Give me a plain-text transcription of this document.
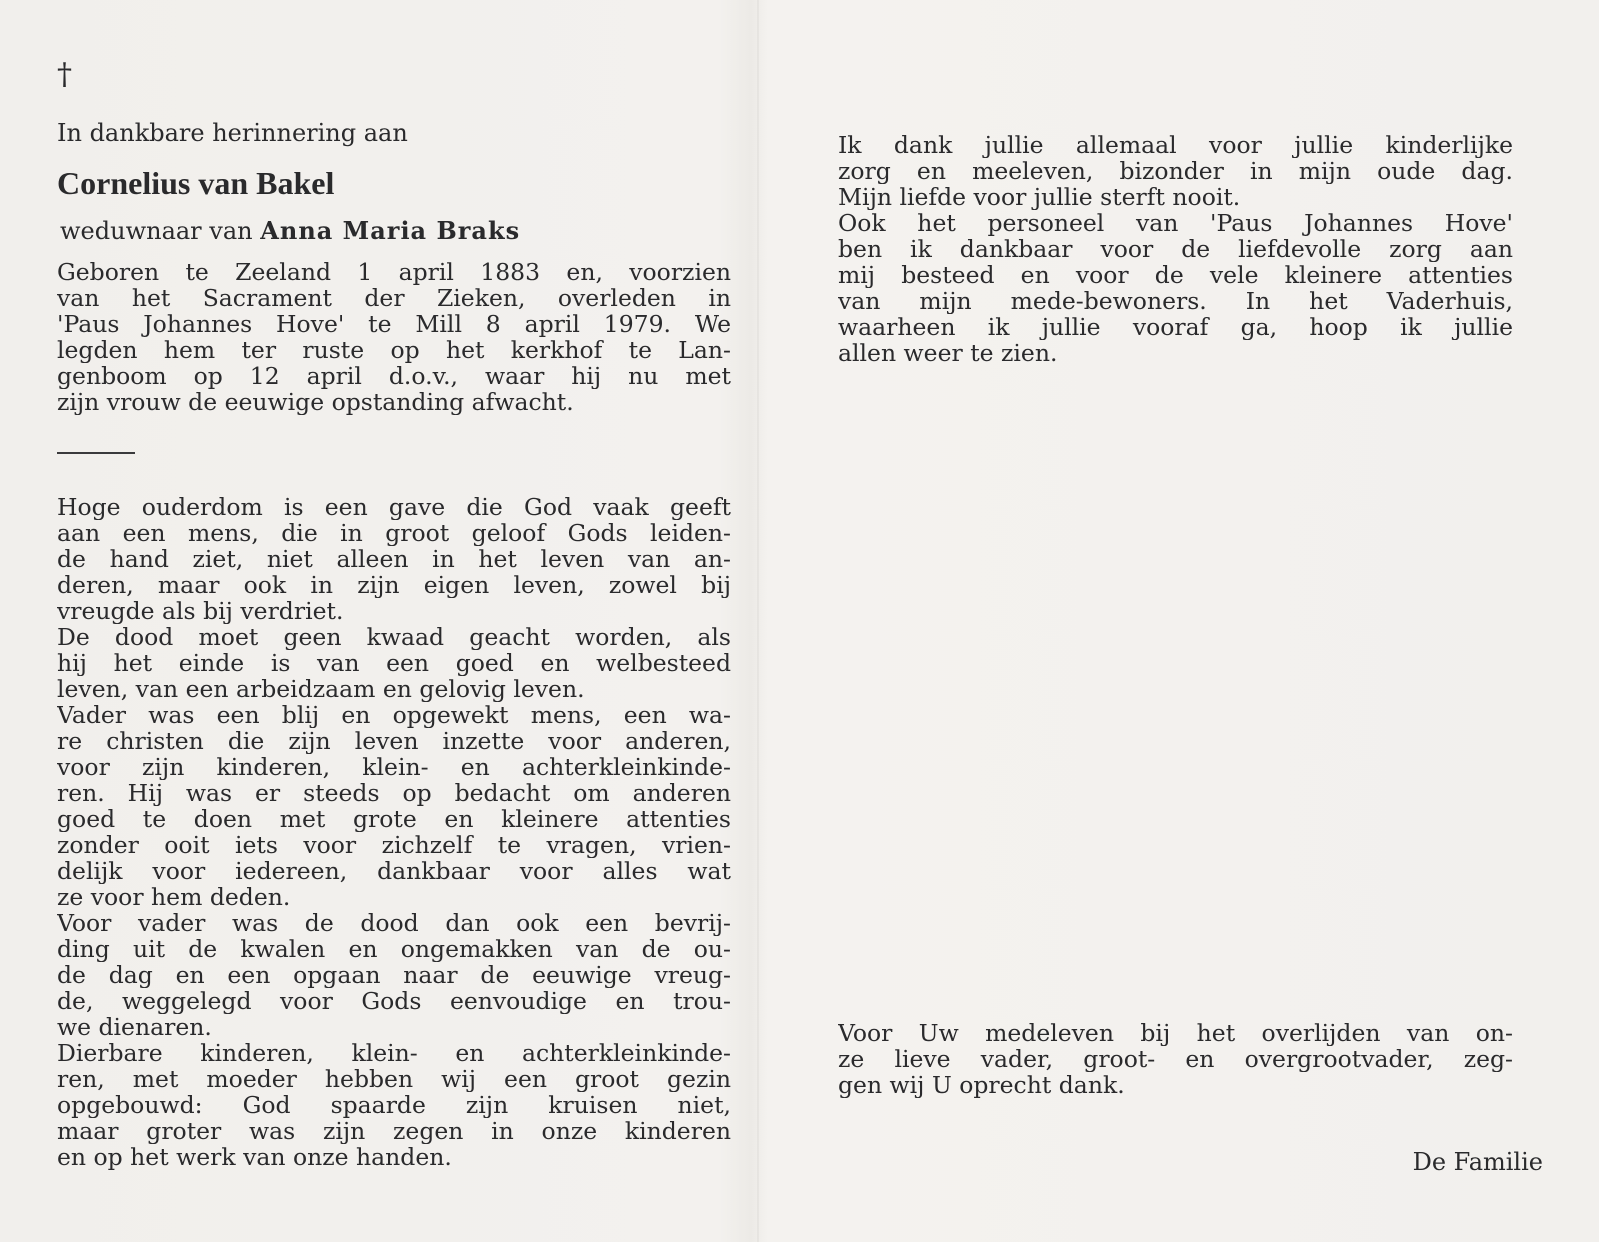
†
In dankbare herinnering aan
Cornelius van Bakel
weduwnaar van Anna Maria Braks
Geboren te Zeeland 1 april 1883 en, voorzien
van het Sacrament der Zieken, overleden in
'Paus Johannes Hove' te Mill 8 april 1979. We
legden hem ter ruste op het kerkhof te Lan-
genboom op 12 april d.o.v., waar hij nu met
zijn vrouw de eeuwige opstanding afwacht.
Hoge ouderdom is een gave die God vaak geeft
aan een mens, die in groot geloof Gods leiden-
de hand ziet, niet alleen in het leven van an-
deren, maar ook in zijn eigen leven, zowel bij
vreugde als bij verdriet.
De dood moet geen kwaad geacht worden, als
hij het einde is van een goed en welbesteed
leven, van een arbeidzaam en gelovig leven.
Vader was een blij en opgewekt mens, een wa-
re christen die zijn leven inzette voor anderen,
voor zijn kinderen, klein- en achterkleinkinde-
ren. Hij was er steeds op bedacht om anderen
goed te doen met grote en kleinere attenties
zonder ooit iets voor zichzelf te vragen, vrien-
delijk voor iedereen, dankbaar voor alles wat
ze voor hem deden.
Voor vader was de dood dan ook een bevrij-
ding uit de kwalen en ongemakken van de ou-
de dag en een opgaan naar de eeuwige vreug-
de, weggelegd voor Gods eenvoudige en trou-
we dienaren.
Dierbare kinderen, klein- en achterkleinkinde-
ren, met moeder hebben wij een groot gezin
opgebouwd: God spaarde zijn kruisen niet,
maar groter was zijn zegen in onze kinderen
en op het werk van onze handen.
Ik dank jullie allemaal voor jullie kinderlijke
zorg en meeleven, bizonder in mijn oude dag.
Mijn liefde voor jullie sterft nooit.
Ook het personeel van 'Paus Johannes Hove'
ben ik dankbaar voor de liefdevolle zorg aan
mij besteed en voor de vele kleinere attenties
van mijn mede-bewoners. In het Vaderhuis,
waarheen ik jullie vooraf ga, hoop ik jullie
allen weer te zien.
Voor Uw medeleven bij het overlijden van on-
ze lieve vader, groot- en overgrootvader, zeg-
gen wij U oprecht dank.
De Familie
